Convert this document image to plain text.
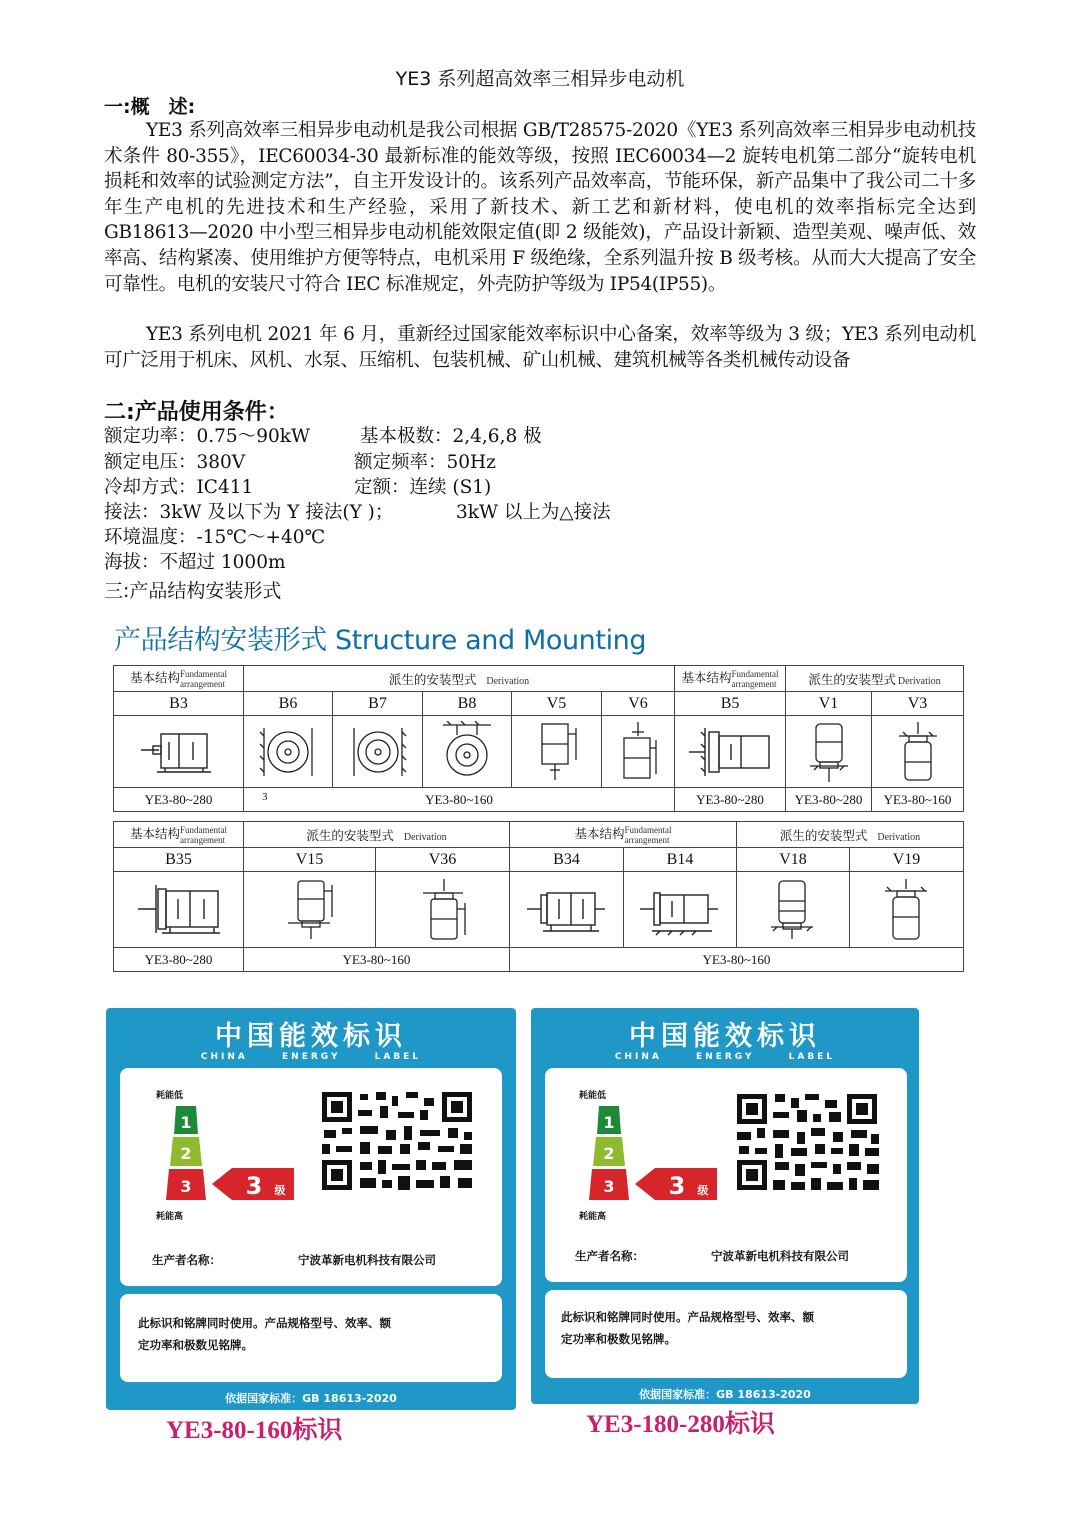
YE3 系列超高效率三相异步电动机
一:概　述:
YE3 系列高效率三相异步电动机是我公司根据 GB/T28575-2020《YE3 系列高效率三相异步电动机技术条件 80-355》，IEC60034-30 最新标准的能效等级，按照 IEC60034—2 旋转电机第二部分“旋转电机损耗和效率的试验测定方法”，自主开发设计的。该系列产品效率高，节能环保，新产品集中了我公司二十多年生产电机的先进技术和生产经验，采用了新技术、新工艺和新材料，使电机的效率指标完全达到 GB18613—2020 中小型三相异步电动机能效限定值(即 2 级能效)，产品设计新颖、造型美观、噪声低、效率高、结构紧凑、使用维护方便等特点，电机采用 F 级绝缘，全系列温升按 B 级考核。从而大大提高了安全可靠性。电机的安装尺寸符合 IEC 标准规定，外壳防护等级为 IP54(IP55)。
YE3 系列电机 2021 年 6 月，重新经过国家能效率标识中心备案，效率等级为 3 级；YE3 系列电动机可广泛用于机床、风机、水泵、压缩机、包装机械、矿山机械、建筑机械等各类机械传动设备
二:产品使用条件：
额定功率：0.75～90kW	基本极数：2,4,6,8 极
额定电压：380V	额定频率：50Hz
冷却方式：IC411	定额：连续 (S1)
接法：3kW 及以下为 Y 接法(Y )；	3kW 以上为△接法
环境温度：-15℃～+40℃
海拔：不超过 1000m
三:产品结构安装形式
产品结构安装形式 Structure and Mounting
基本结构Fundamental
arrangement	派生的安装型式 Derivation					基本结构Fundamental
arrangement	派生的安装型式 Derivation	
B3	B6	B7	B8	V5	V6	B5	V1	V3

YE3-80~280	3 YE3-80~160					YE3-80~280	YE3-80~280	YE3-80~160
基本结构Fundamental
arrangement	派生的安装型式 Derivation		基本结构Fundamental
arrangement		派生的安装型式 Derivation	
B35	V15	V36	B34	B14	V18	V19

YE3-80~280	YE3-80~160		YE3-80~160			
中国能效标识
CHINA ENERGY LABEL
耗能低
1
2
3 3 级
耗能高
生产者名称：	宁波革新电机科技有限公司
此标识和铭牌同时使用。产品规格型号、效率、额
定功率和极数见铭牌。
依据国家标准：GB 18613-2020
YE3-80-160标识
中国能效标识
CHINA ENERGY LABEL
耗能低
1
2
3 3 级
耗能高
生产者名称：	宁波革新电机科技有限公司
此标识和铭牌同时使用。产品规格型号、效率、额
定功率和极数见铭牌。
依据国家标准：GB 18613-2020
YE3-180-280标识
